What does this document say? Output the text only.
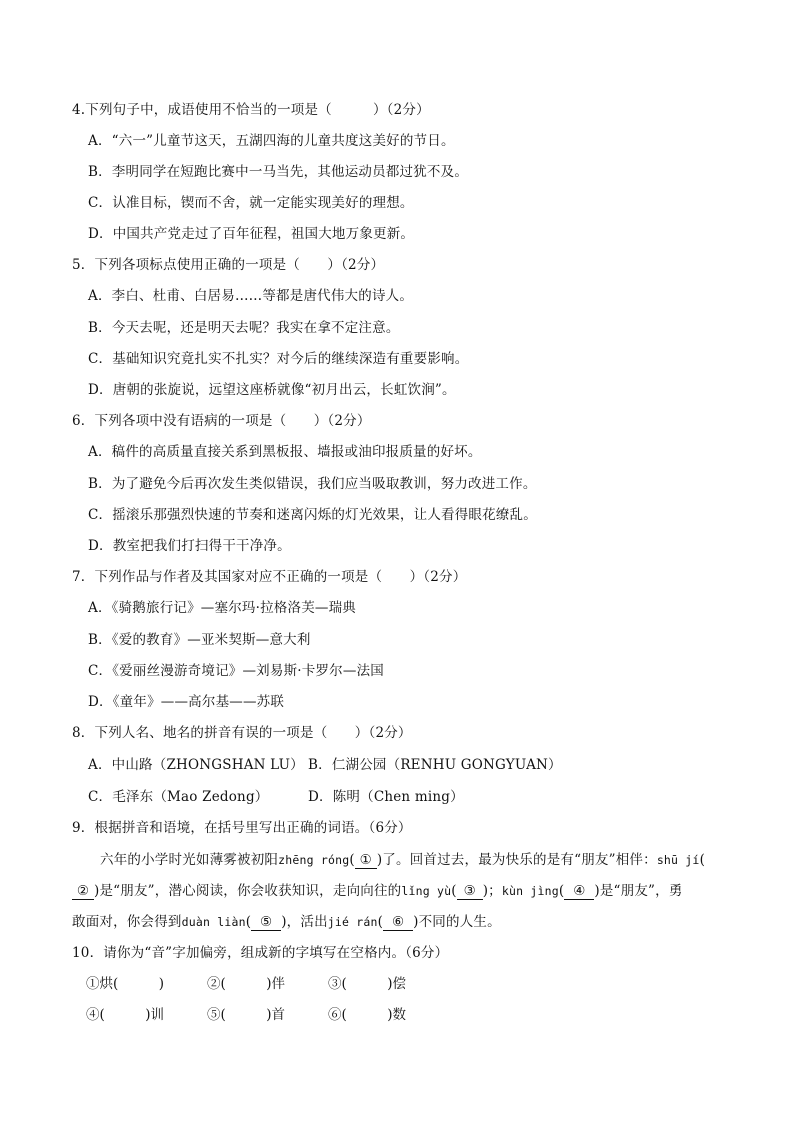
4.下列句子中，成语使用不恰当的一项是（　　　）（2分）
A．“六一”儿童节这天，五湖四海的儿童共度这美好的节日。
B．李明同学在短跑比赛中一马当先，其他运动员都过犹不及。
C．认准目标，锲而不舍，就一定能实现美好的理想。
D．中国共产党走过了百年征程，祖国大地万象更新。
5．下列各项标点使用正确的一项是（　　）（2分）
A．李白、杜甫、白居易……等都是唐代伟大的诗人。
B．今天去呢，还是明天去呢？我实在拿不定注意。
C．基础知识究竟扎实不扎实？对今后的继续深造有重要影响。
D．唐朝的张旋说，远望这座桥就像“初月出云，长虹饮涧”。
6．下列各项中没有语病的一项是（　　）（2分）
A．稿件的高质量直接关系到黑板报、墙报或油印报质量的好坏。
B．为了避免今后再次发生类似错误，我们应当吸取教训，努力改进工作。
C．摇滚乐那强烈快速的节奏和迷离闪烁的灯光效果，让人看得眼花缭乱。
D．教室把我们打扫得干干净净。
7．下列作品与作者及其国家对应不正确的一项是（　　）（2分）
A．《骑鹅旅行记》—塞尔玛·拉格洛芙—瑞典
B．《爱的教育》—亚米契斯—意大利
C．《爱丽丝漫游奇境记》—刘易斯·卡罗尔—法国
D．《童年》——高尔基——苏联
8．下列人名、地名的拼音有误的一项是（　　）（2分）
A．中山路（ZHONGSHAN LU） B．仁湖公园（RENHU GONGYUAN）
C．毛泽东（Mao Zedong）	D．陈明（Chen ming）
9．根据拼音和语境，在括号里写出正确的词语。（6分）
六年的小学时光如薄雾被初阳zhēng róng( ① )了。回首过去，最为快乐的是有“朋友”相伴：shū jí(
② )是“朋友”，潜心阅读，你会收获知识，走向向往的lǐng yù( ③ )；kùn jìng( ④ )是“朋友”，勇
敢面对，你会得到duàn liàn( ⑤ )，活出jié rán( ⑥ )不同的人生。
10．请你为“音”字加偏旁，组成新的字填写在空格内。（6分）
①烘(　　　)	②(　　　)伴	③(　　　)偿
④(　　　)训	⑤(　　　)首	⑥(　　　)数
